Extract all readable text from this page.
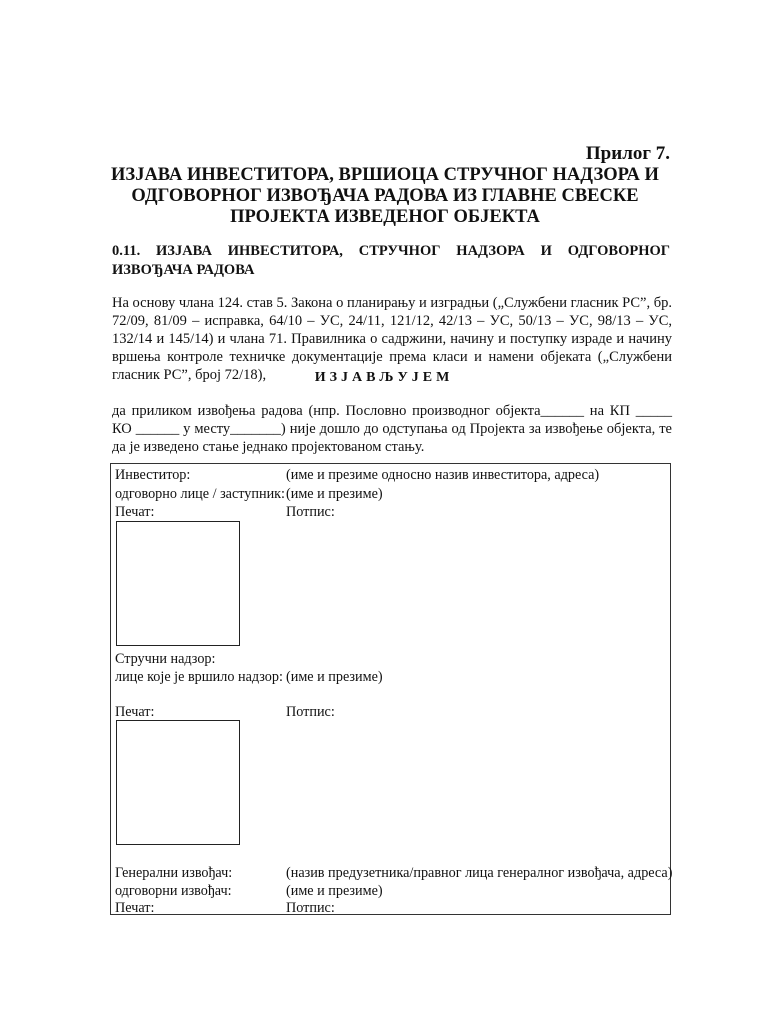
Прилог 7.
ИЗЈАВА ИНВЕСТИТОРА, ВРШИОЦА СТРУЧНОГ НАДЗОРА И
ОДГОВОРНОГ ИЗВОЂАЧА РАДОВА ИЗ ГЛАВНЕ СВЕСКЕ
ПРОЈЕКТА ИЗВЕДЕНОГ ОБЈЕКТА
0.11. ИЗЈАВА ИНВЕСТИТОРА, СТРУЧНОГ НАДЗОРА И ОДГОВОРНОГ ИЗВОЂАЧА РАДОВА
На основу члана 124. став 5. Закона о планирању и изградњи („Службени гласник РС”, бр. 72/09, 81/09 – исправка, 64/10 – УС, 24/11, 121/12, 42/13 – УС, 50/13 – УС, 98/13 – УС, 132/14 и 145/14) и члана 71. Правилника о садржини, начину и поступку израде и начину вршења контроле техничке документације према класи и намени објеката („Службени гласник РС”, број 72/18),	ИЗЈАВЉУЈЕМ
да приликом извођења радова (нпр. Пословно производног објекта______ на КП _____ КО ______ у месту_______) није дошло до одступања од Пројекта за извођење објекта, те да је изведено стање једнако пројектованом стању.
Инвеститор:	(име и презиме односно назив инвеститора, адреса)
одговорно лице / заступник: (име и презиме)
Печат:	Потпис:
Стручни надзор:
лице које је вршило надзор: (име и презиме)
Печат:	Потпис:
Генерални извођач:	(назив предузетника/правног лица генералног извођача, адреса)
одговорни извођач:	(име и презиме)
Печат:	Потпис:
